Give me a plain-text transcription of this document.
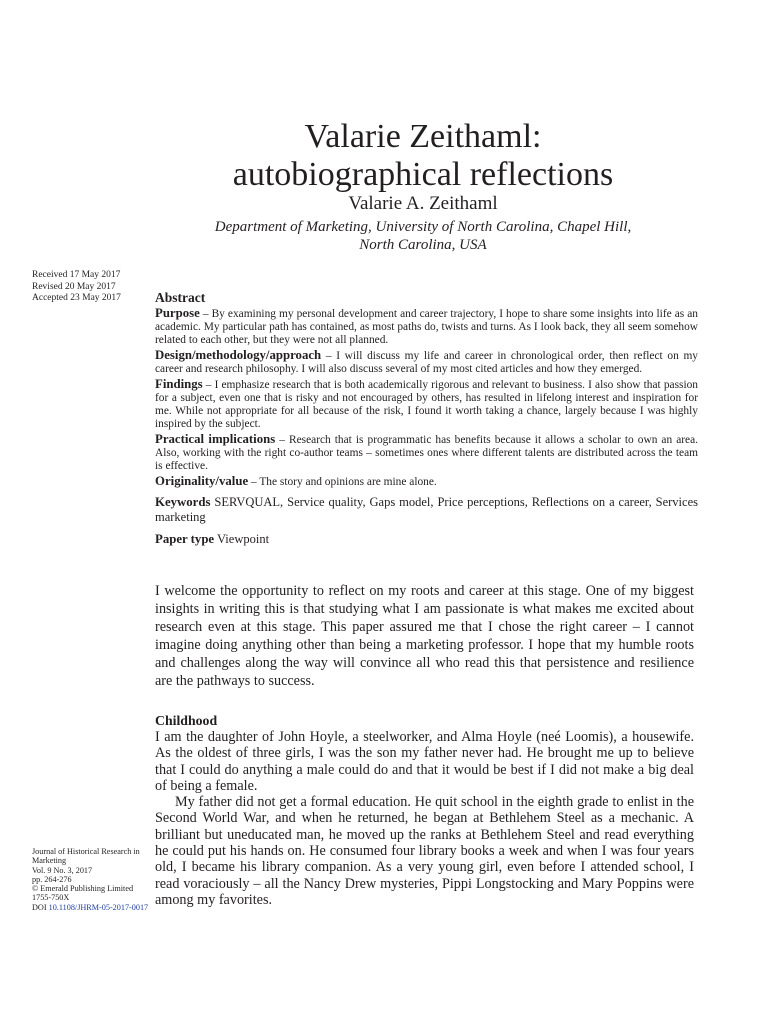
Valarie Zeithaml:
autobiographical reflections
Valarie A. Zeithaml
Department of Marketing, University of North Carolina, Chapel Hill,
North Carolina, USA
Received 17 May 2017
Revised 20 May 2017
Accepted 23 May 2017	Abstract

Purpose – By examining my personal development and career trajectory, I hope to share some insights into life as an academic. My particular path has contained, as most paths do, twists and turns. As I look back, they all seem somehow related to each other, but they were not all planned.

Design/methodology/approach – I will discuss my life and career in chronological order, then reflect on my career and research philosophy. I will also discuss several of my most cited articles and how they emerged.

Findings – I emphasize research that is both academically rigorous and relevant to business. I also show that passion for a subject, even one that is risky and not encouraged by others, has resulted in lifelong interest and inspiration for me. While not appropriate for all because of the risk, I found it worth taking a chance, largely because I was highly inspired by the subject.

Practical implications – Research that is programmatic has benefits because it allows a scholar to own an area. Also, working with the right co-author teams – sometimes ones where different talents are distributed across the team is effective.

Originality/value – The story and opinions are mine alone.

Keywords SERVQUAL, Service quality, Gaps model, Price perceptions, Reflections on a career, Services marketing
Paper type Viewpoint

I welcome the opportunity to reflect on my roots and career at this stage. One of my biggest insights in writing this is that studying what I am passionate is what makes me excited about research even at this stage. This paper assured me that I chose the right career – I cannot imagine doing anything other than being a marketing professor. I hope that my humble roots and challenges along the way will convince all who read this that persistence and resilience are the pathways to success.

Childhood

I am the daughter of John Hoyle, a steelworker, and Alma Hoyle (neé Loomis), a housewife. As the oldest of three girls, I was the son my father never had. He brought me up to believe that I could do anything a male could do and that it would be best if I did not make a big deal of being a female.

My father did not get a formal education. He quit school in the eighth grade to enlist in the Second World War, and when he returned, he began at Bethlehem Steel as a mechanic. A brilliant but uneducated man, he moved up the ranks at Bethlehem Steel and read everything he could put his hands on. He consumed four library books a week and when I was four years old, I became his library companion. As a very young girl, even before I attended school, I read voraciously – all the Nancy Drew mysteries, Pippi Longstocking and Mary Poppins were among my favorites.

Journal of Historical Research in
Marketing
Vol. 9 No. 3, 2017
pp. 264-276
© Emerald Publishing Limited
1755-750X
DOI 10.1108/JHRM-05-2017-0017
